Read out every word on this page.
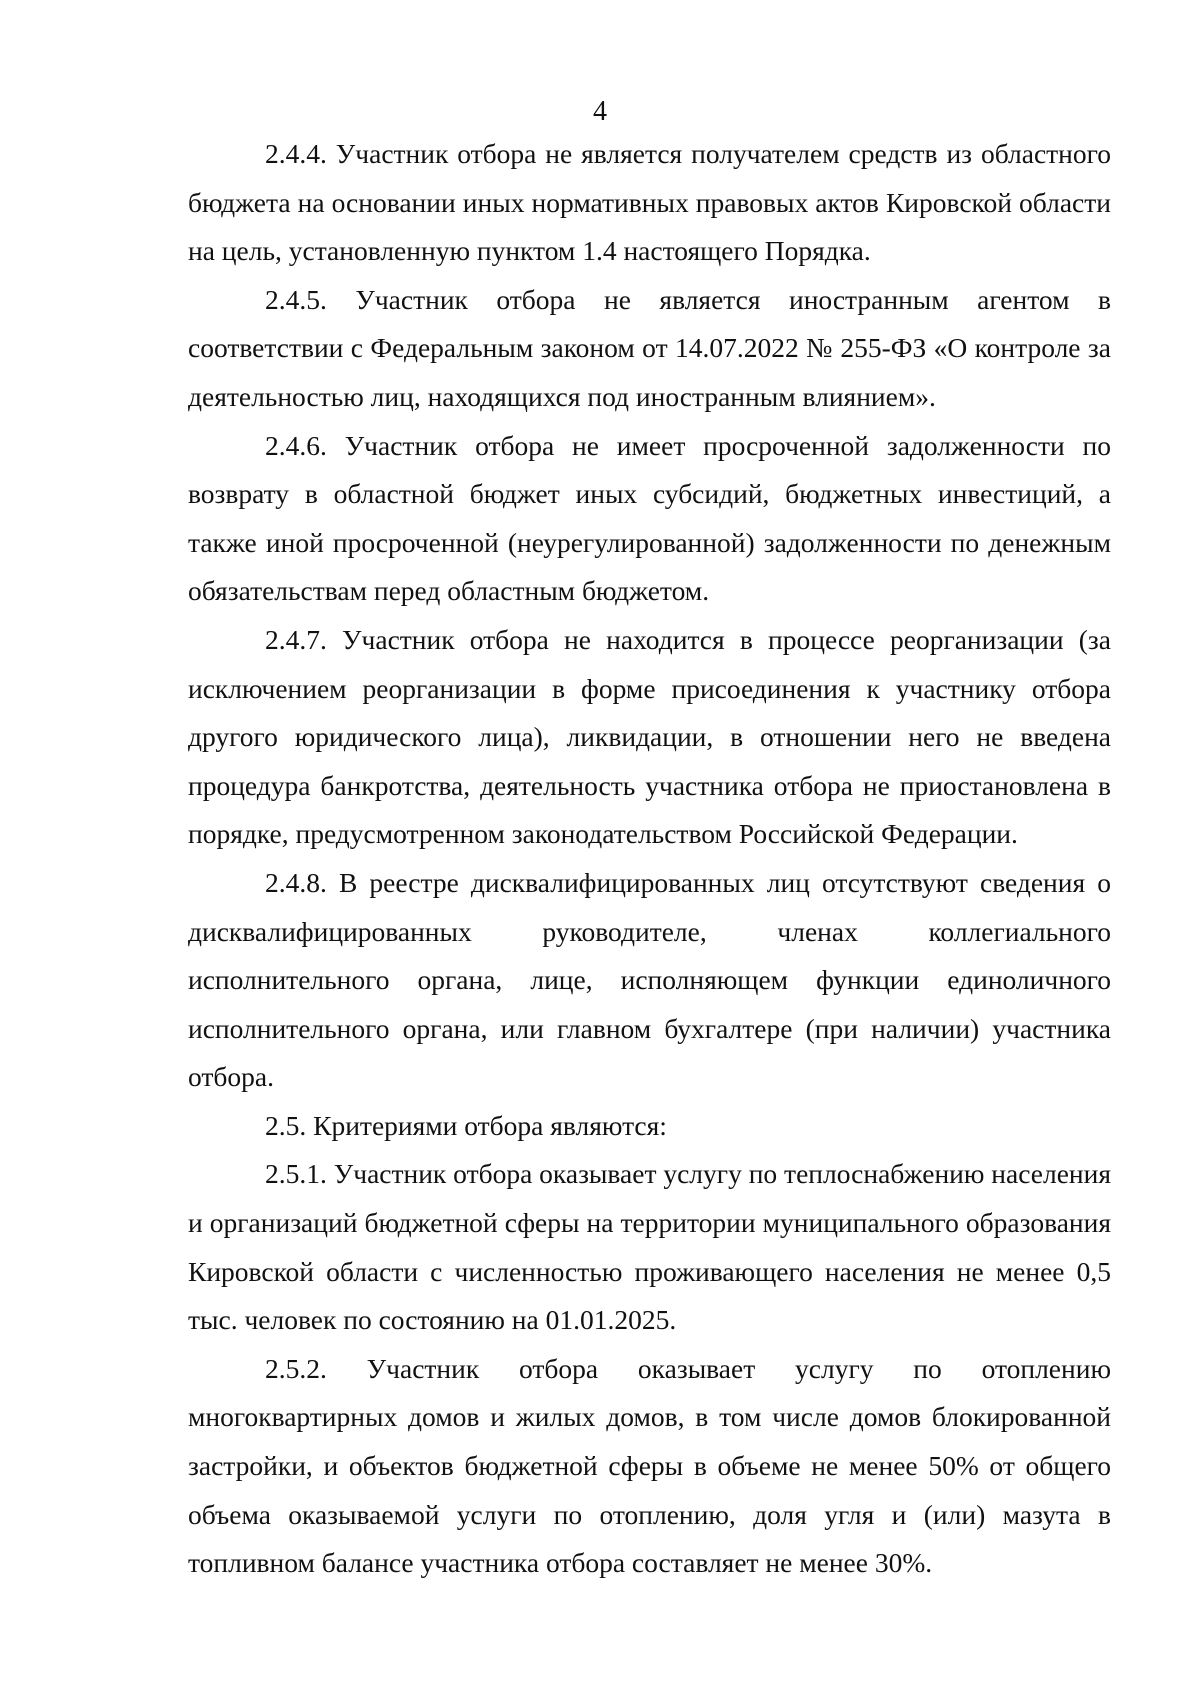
4

2.4.4. Участник отбора не является получателем средств из областного бюджета на основании иных нормативных правовых актов Кировской области на цель, установленную пунктом 1.4 настоящего Порядка.

2.4.5. Участник отбора не является иностранным агентом в соответствии с Федеральным законом от 14.07.2022 № 255-ФЗ «О контроле за деятельностью лиц, находящихся под иностранным влиянием».

2.4.6. Участник отбора не имеет просроченной задолженности по возврату в областной бюджет иных субсидий, бюджетных инвестиций, а также иной просроченной (неурегулированной) задолженности по денежным обязательствам перед областным бюджетом.

2.4.7. Участник отбора не находится в процессе реорганизации (за исключением реорганизации в форме присоединения к участнику отбора другого юридического лица), ликвидации, в отношении него не введена процедура банкротства, деятельность участника отбора не приостановлена в порядке, предусмотренном законодательством Российской Федерации.

2.4.8. В реестре дисквалифицированных лиц отсутствуют сведения о дисквалифицированных руководителе, членах коллегиального исполнительного органа, лице, исполняющем функции единоличного исполнительного органа, или главном бухгалтере (при наличии) участника отбора.

2.5. Критериями отбора являются:

2.5.1. Участник отбора оказывает услугу по теплоснабжению населения и организаций бюджетной сферы на территории муниципального образования Кировской области с численностью проживающего населения не менее 0,5 тыс. человек по состоянию на 01.01.2025.

2.5.2. Участник отбора оказывает услугу по отоплению многоквартирных домов и жилых домов, в том числе домов блокированной застройки, и объектов бюджетной сферы в объеме не менее 50% от общего объема оказываемой услуги по отоплению, доля угля и (или) мазута в топливном балансе участника отбора составляет не менее 30%.
